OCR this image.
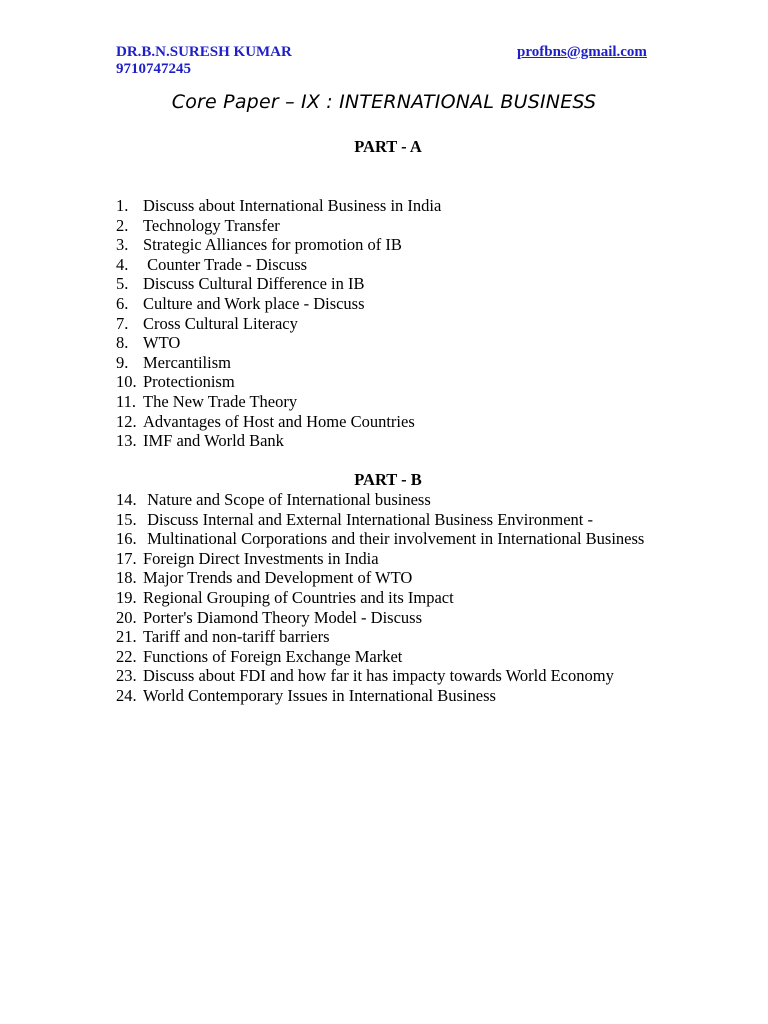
DR.B.N.SURESH KUMAR
9710747245
profbns@gmail.com
Core Paper – IX : INTERNATIONAL BUSINESS
PART - A
1. Discuss about International Business in India
2. Technology Transfer
3. Strategic Alliances for promotion of IB
4. Counter Trade - Discuss
5. Discuss Cultural Difference in IB
6. Culture and Work place - Discuss
7. Cross Cultural Literacy
8. WTO
9. Mercantilism
10. Protectionism
11. The New Trade Theory
12. Advantages of Host and Home Countries
13. IMF and World Bank
PART - B
14. Nature and Scope of International business
15. Discuss Internal and External International Business Environment -
16. Multinational Corporations and their involvement in International Business
17. Foreign Direct Investments in India
18. Major Trends and Development of WTO
19. Regional Grouping of Countries and its Impact
20. Porter's Diamond Theory Model - Discuss
21. Tariff and non-tariff barriers
22. Functions of Foreign Exchange Market
23. Discuss about FDI and how far it has impacty towards World Economy
24. World Contemporary Issues in International Business
